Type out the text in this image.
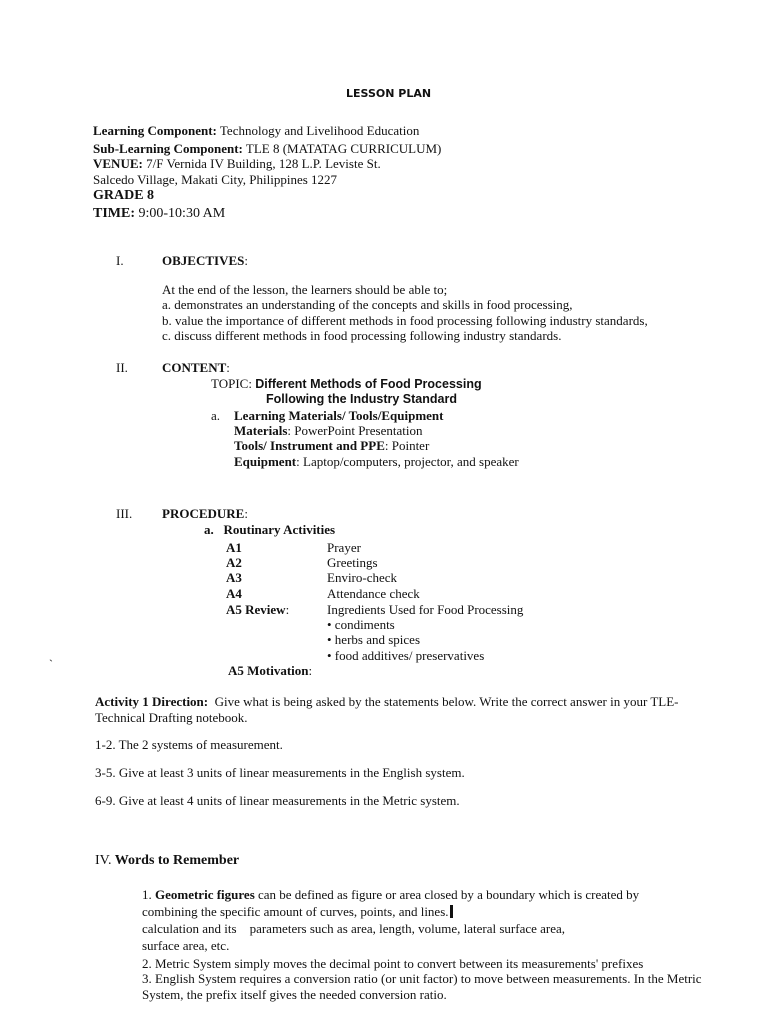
LESSON PLAN
Learning Component: Technology and Livelihood Education
Sub-Learning Component: TLE 8 (MATATAG CURRICULUM)
VENUE: 7/F Vernida IV Building, 128 L.P. Leviste St.
Salcedo Village, Makati City, Philippines 1227
GRADE 8
TIME: 9:00-10:30 AM
I.	OBJECTIVES:
At the end of the lesson, the learners should be able to;
a. demonstrates an understanding of the concepts and skills in food processing,
b. value the importance of different methods in food processing following industry standards,
c. discuss different methods in food processing following industry standards.
II.	CONTENT:
TOPIC: Different Methods of Food Processing
Following the Industry Standard
a. Learning Materials/ Tools/Equipment
Materials: PowerPoint Presentation
Tools/ Instrument and PPE: Pointer
Equipment: Laptop/computers, projector, and speaker
III. PROCEDURE:
a.   Routinary Activities
A1	Prayer
A2	Greetings
A3	Enviro-check
A4	Attendance check
A5 Review:	Ingredients Used for Food Processing
• condiments
• herbs and spices
• food additives/ preservatives
`	A5 Motivation:
Activity 1 Direction:  Give what is being asked by the statements below. Write the correct answer in your TLE-Technical Drafting notebook.
1-2. The 2 systems of measurement.
3-5. Give at least 3 units of linear measurements in the English system.
6-9. Give at least 4 units of linear measurements in the Metric system.
IV. Words to Remember
1. Geometric figures can be defined as figure or area closed by a boundary which is created by combining the specific amount of curves, points, and lines.
calculation and its    parameters such as area, length, volume, lateral surface area,
surface area, etc.
2. Metric System simply moves the decimal point to convert between its measurements' prefixes
3. English System requires a conversion ratio (or unit factor) to move between measurements. In the Metric System, the prefix itself gives the needed conversion ratio.
